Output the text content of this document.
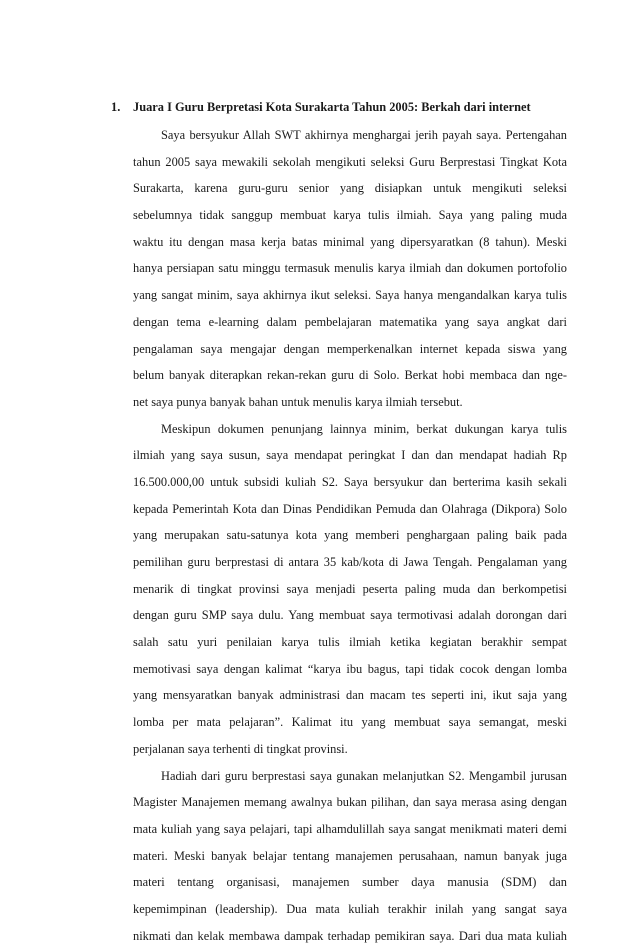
1. Juara I Guru Berpretasi Kota Surakarta Tahun 2005: Berkah dari internet
Saya bersyukur Allah SWT akhirnya menghargai jerih payah saya. Pertengahan
tahun 2005 saya mewakili sekolah mengikuti seleksi Guru Berprestasi Tingkat Kota
Surakarta, karena guru-guru senior yang disiapkan untuk mengikuti seleksi
sebelumnya tidak sanggup membuat karya tulis ilmiah. Saya yang paling muda
waktu itu dengan masa kerja batas minimal yang dipersyaratkan (8 tahun). Meski
hanya persiapan satu minggu termasuk menulis karya ilmiah dan dokumen portofolio
yang sangat minim, saya akhirnya ikut seleksi. Saya hanya mengandalkan karya tulis
dengan tema e-learning dalam pembelajaran matematika yang saya angkat dari
pengalaman saya mengajar dengan memperkenalkan internet kepada siswa yang
belum banyak diterapkan rekan-rekan guru di Solo. Berkat hobi membaca dan nge-
net saya punya banyak bahan untuk menulis karya ilmiah tersebut.
Meskipun dokumen penunjang lainnya minim, berkat dukungan karya tulis
ilmiah yang saya susun, saya mendapat peringkat I dan dan mendapat hadiah Rp
16.500.000,00 untuk subsidi kuliah S2. Saya bersyukur dan berterima kasih sekali
kepada Pemerintah Kota dan Dinas Pendidikan Pemuda dan Olahraga (Dikpora) Solo
yang merupakan satu-satunya kota yang memberi penghargaan paling baik pada
pemilihan guru berprestasi di antara 35 kab/kota di Jawa Tengah. Pengalaman yang
menarik di tingkat provinsi saya menjadi peserta paling muda dan berkompetisi
dengan guru SMP saya dulu. Yang membuat saya termotivasi adalah dorongan dari
salah satu yuri penilaian karya tulis ilmiah ketika kegiatan berakhir sempat
memotivasi saya dengan kalimat “karya ibu bagus, tapi tidak cocok dengan lomba
yang mensyaratkan banyak administrasi dan macam tes seperti ini, ikut saja yang
lomba per mata pelajaran”. Kalimat itu yang membuat saya semangat, meski
perjalanan saya terhenti di tingkat provinsi.
Hadiah dari guru berprestasi saya gunakan melanjutkan S2. Mengambil jurusan
Magister Manajemen memang awalnya bukan pilihan, dan saya merasa asing dengan
mata kuliah yang saya pelajari, tapi alhamdulillah saya sangat menikmati materi demi
materi. Meski banyak belajar tentang manajemen perusahaan, namun banyak juga
materi tentang organisasi, manajemen sumber daya manusia (SDM) dan
kepemimpinan (leadership). Dua mata kuliah terakhir inilah yang sangat saya
nikmati dan kelak membawa dampak terhadap pemikiran saya. Dari dua mata kuliah
